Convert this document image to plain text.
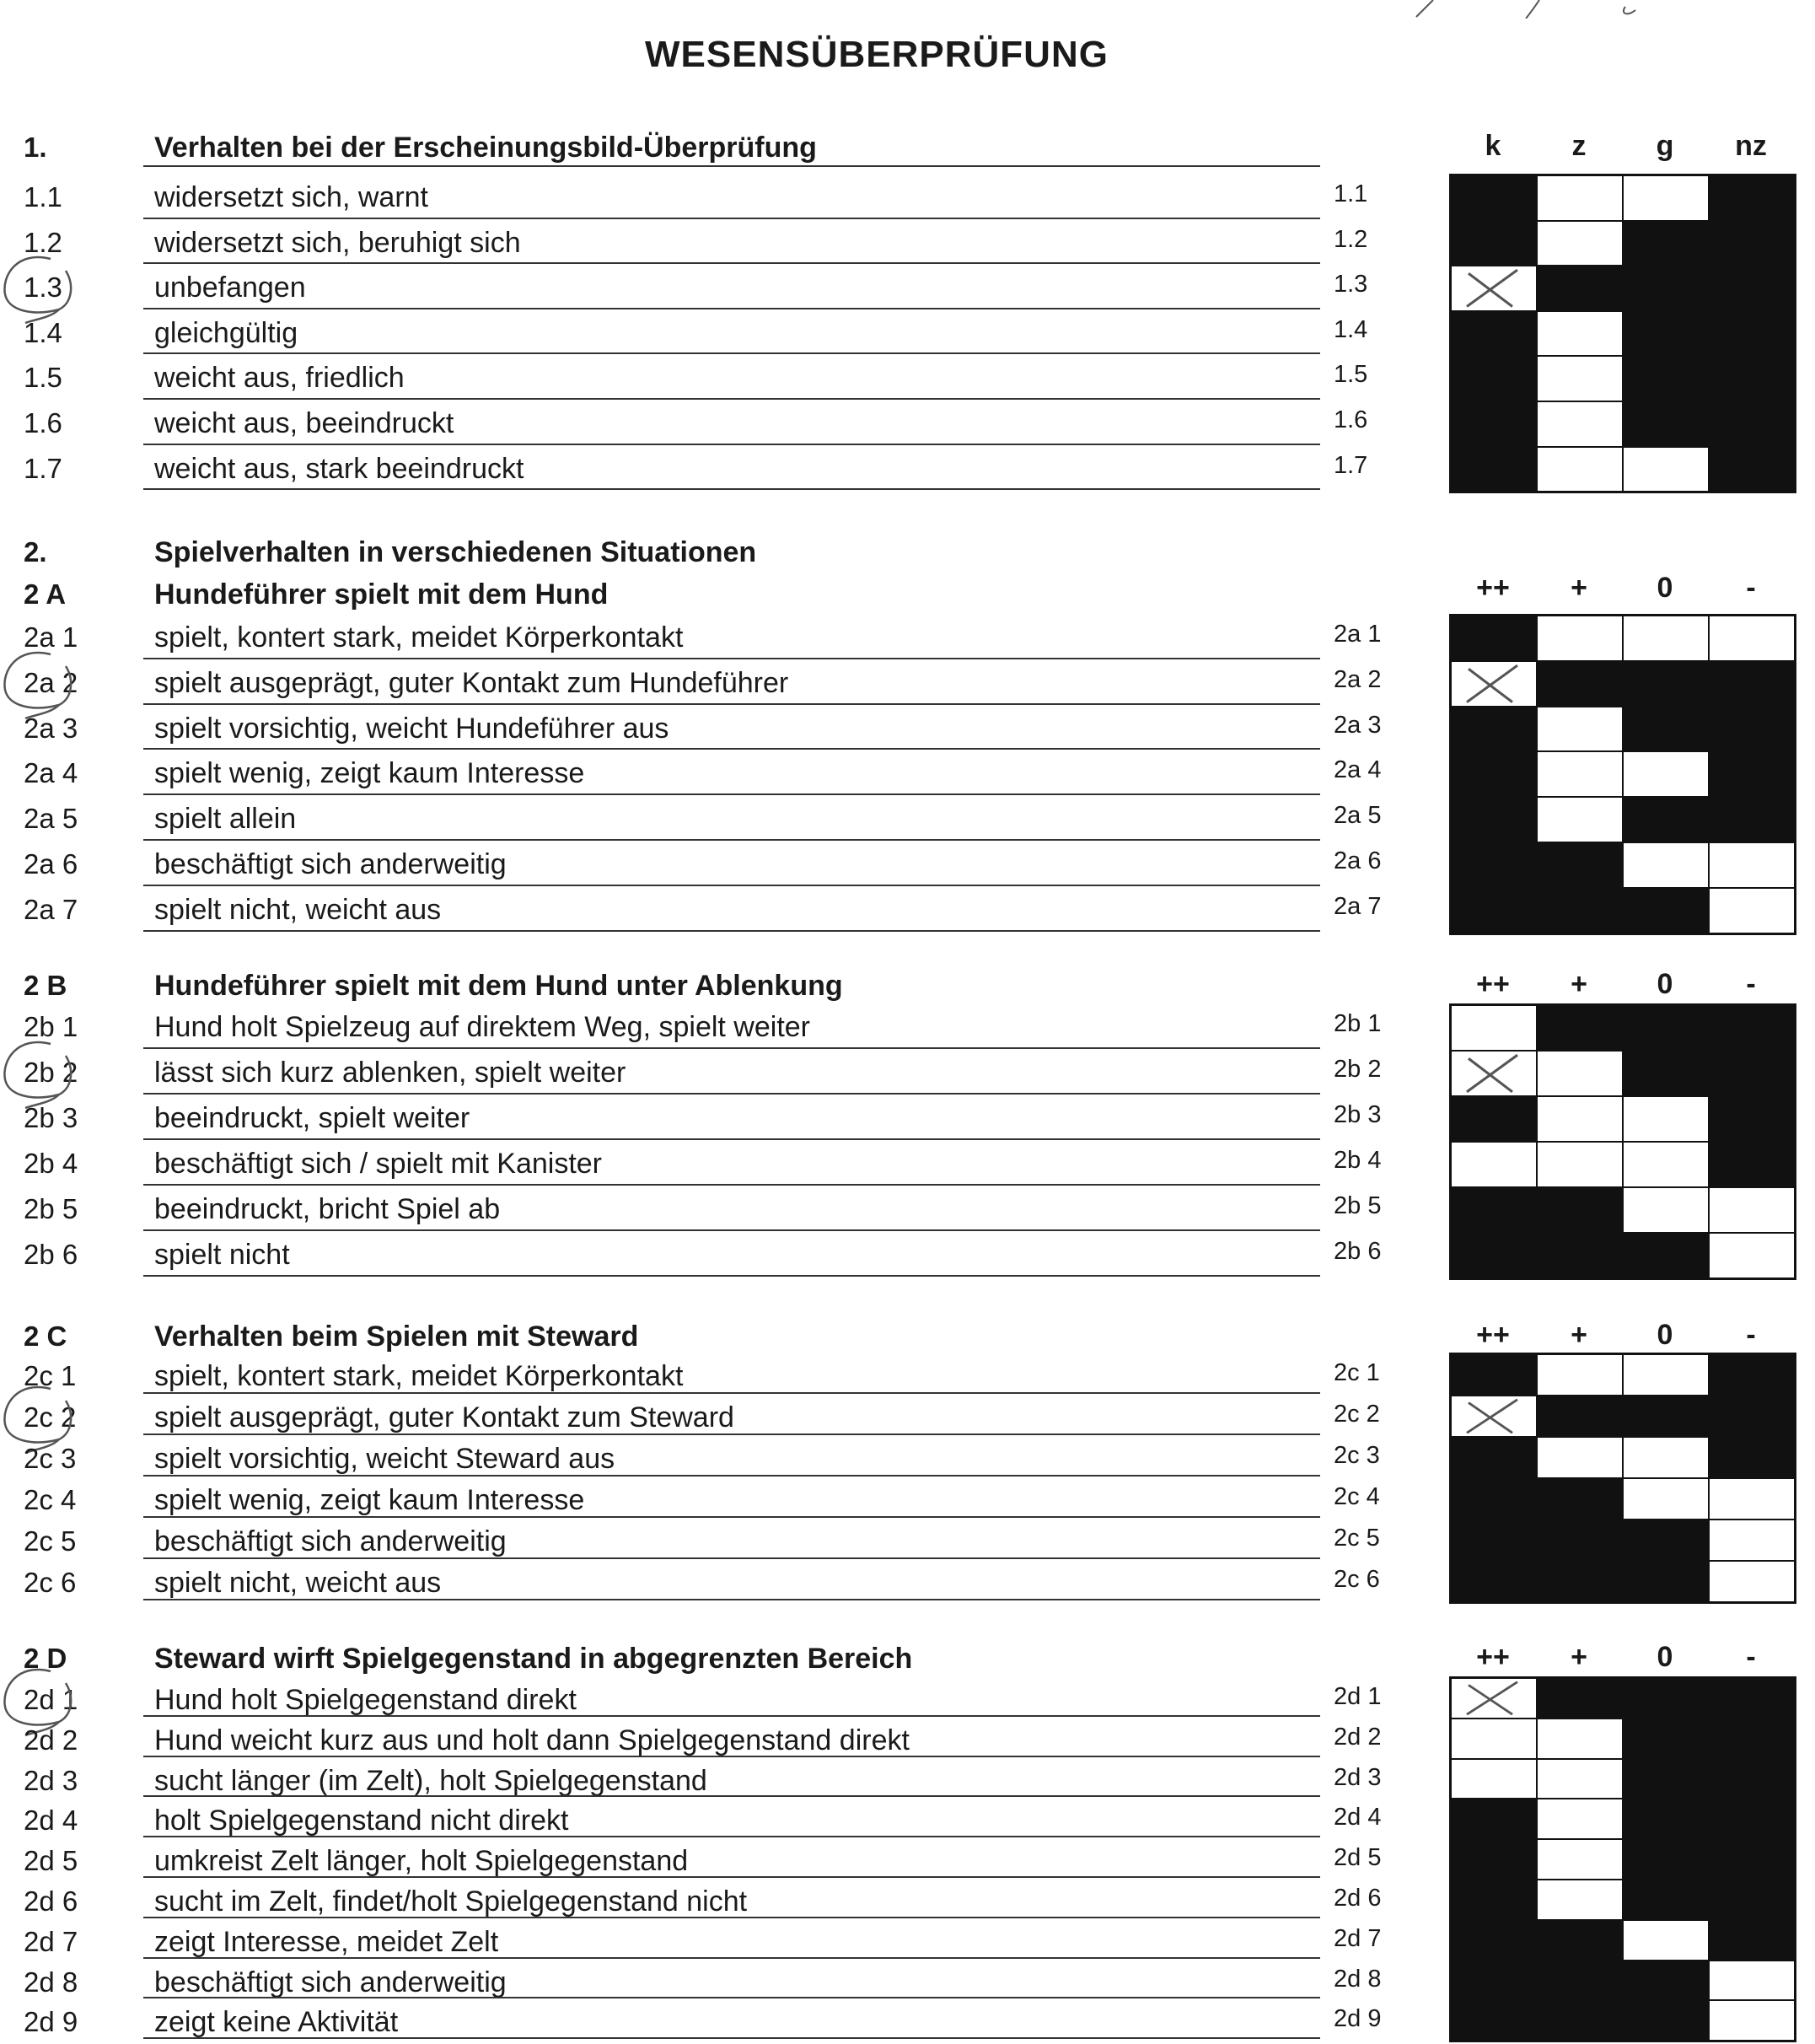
WESENSÜBERPRÜFUNG
1.	Verhalten bei der Erscheinungsbild-Überprüfung	k	z	g	nz
1.1	widersetzt sich, warnt	1.1
1.2	widersetzt sich, beruhigt sich	1.2
1.3	unbefangen	1.3
1.4	gleichgültig	1.4
1.5	weicht aus, friedlich	1.5
1.6	weicht aus, beeindruckt	1.6
1.7	weicht aus, stark beeindruckt	1.7
2.	Spielverhalten in verschiedenen Situationen
2 A	Hundeführer spielt mit dem Hund	++	+	0	-
2a 1	spielt, kontert stark, meidet Körperkontakt	2a 1
2a 2	spielt ausgeprägt, guter Kontakt zum Hundeführer	2a 2
2a 3	spielt vorsichtig, weicht Hundeführer aus	2a 3
2a 4	spielt wenig, zeigt kaum Interesse	2a 4
2a 5	spielt allein	2a 5
2a 6	beschäftigt sich anderweitig	2a 6
2a 7	spielt nicht, weicht aus	2a 7
2 B	Hundeführer spielt mit dem Hund unter Ablenkung	++	+	0	-
2b 1	Hund holt Spielzeug auf direktem Weg, spielt weiter	2b 1
2b 2	lässt sich kurz ablenken, spielt weiter	2b 2
2b 3	beeindruckt, spielt weiter	2b 3
2b 4	beschäftigt sich / spielt mit Kanister	2b 4
2b 5	beeindruckt, bricht Spiel ab	2b 5
2b 6	spielt nicht	2b 6
2 C	Verhalten beim Spielen mit Steward	++	+	0	-
2c 1	spielt, kontert stark, meidet Körperkontakt	2c 1
2c 2	spielt ausgeprägt, guter Kontakt zum Steward	2c 2
2c 3	spielt vorsichtig, weicht Steward aus	2c 3
2c 4	spielt wenig, zeigt kaum Interesse	2c 4
2c 5	beschäftigt sich anderweitig	2c 5
2c 6	spielt nicht, weicht aus	2c 6
2 D	Steward wirft Spielgegenstand in abgegrenzten Bereich	++	+	0	-
2d 1	Hund holt Spielgegenstand direkt	2d 1
2d 2	Hund weicht kurz aus und holt dann Spielgegenstand direkt	2d 2
2d 3	sucht länger (im Zelt), holt Spielgegenstand	2d 3
2d 4	holt Spielgegenstand nicht direkt	2d 4
2d 5	umkreist Zelt länger, holt Spielgegenstand	2d 5
2d 6	sucht im Zelt, findet/holt Spielgegenstand nicht	2d 6
2d 7	zeigt Interesse, meidet Zelt	2d 7
2d 8	beschäftigt sich anderweitig	2d 8
2d 9	zeigt keine Aktivität	2d 9
